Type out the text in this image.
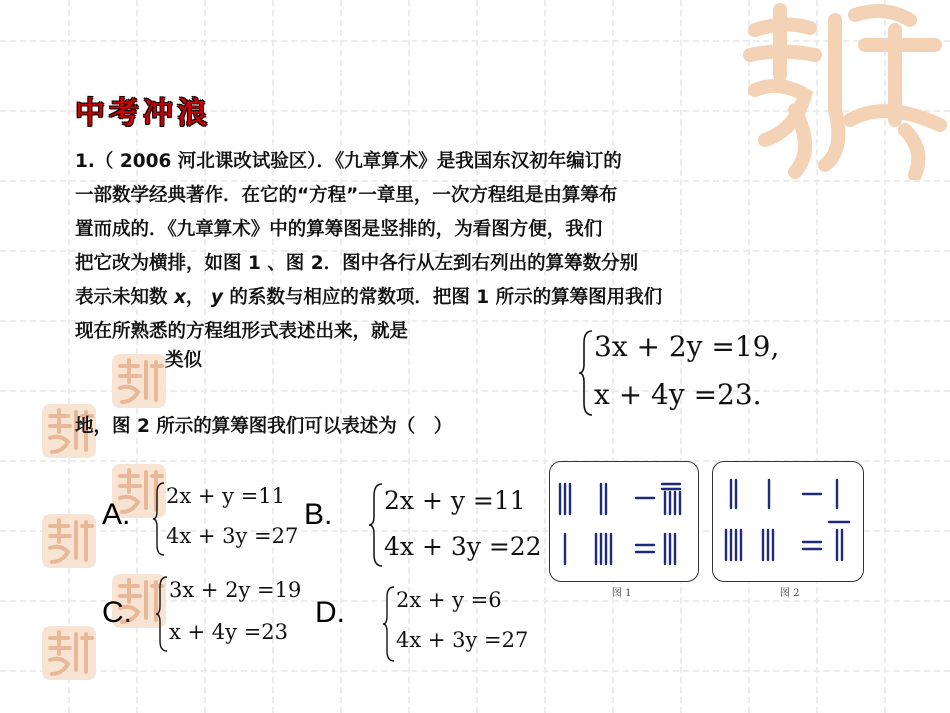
中考冲浪
1.（ 2006 河北课改试验区）．《九章算术》是我国东汉初年编订的
一部数学经典著作．在它的“方程”一章里，一次方程组是由算筹布
置而成的．《九章算术》中的算筹图是竖排的，为看图方便，我们
把它改为横排，如图 1 、图 2．图中各行从左到右列出的算筹数分别
表示未知数 x， y 的系数与相应的常数项．把图 1 所示的算筹图用我们
现在所熟悉的方程组形式表述出来，就是
类似
地，图 2 所示的算筹图我们可以表述为（　）
3x + 2y =19,
x + 4y =23.
A.
2x + y =11
4x + 3y =27
B. 2x + y =11
4x + 3y =22
C.
3x + 2y =19
x + 4y =23
D. 2x + y =6
4x + 3y =27
图 1	图 2
